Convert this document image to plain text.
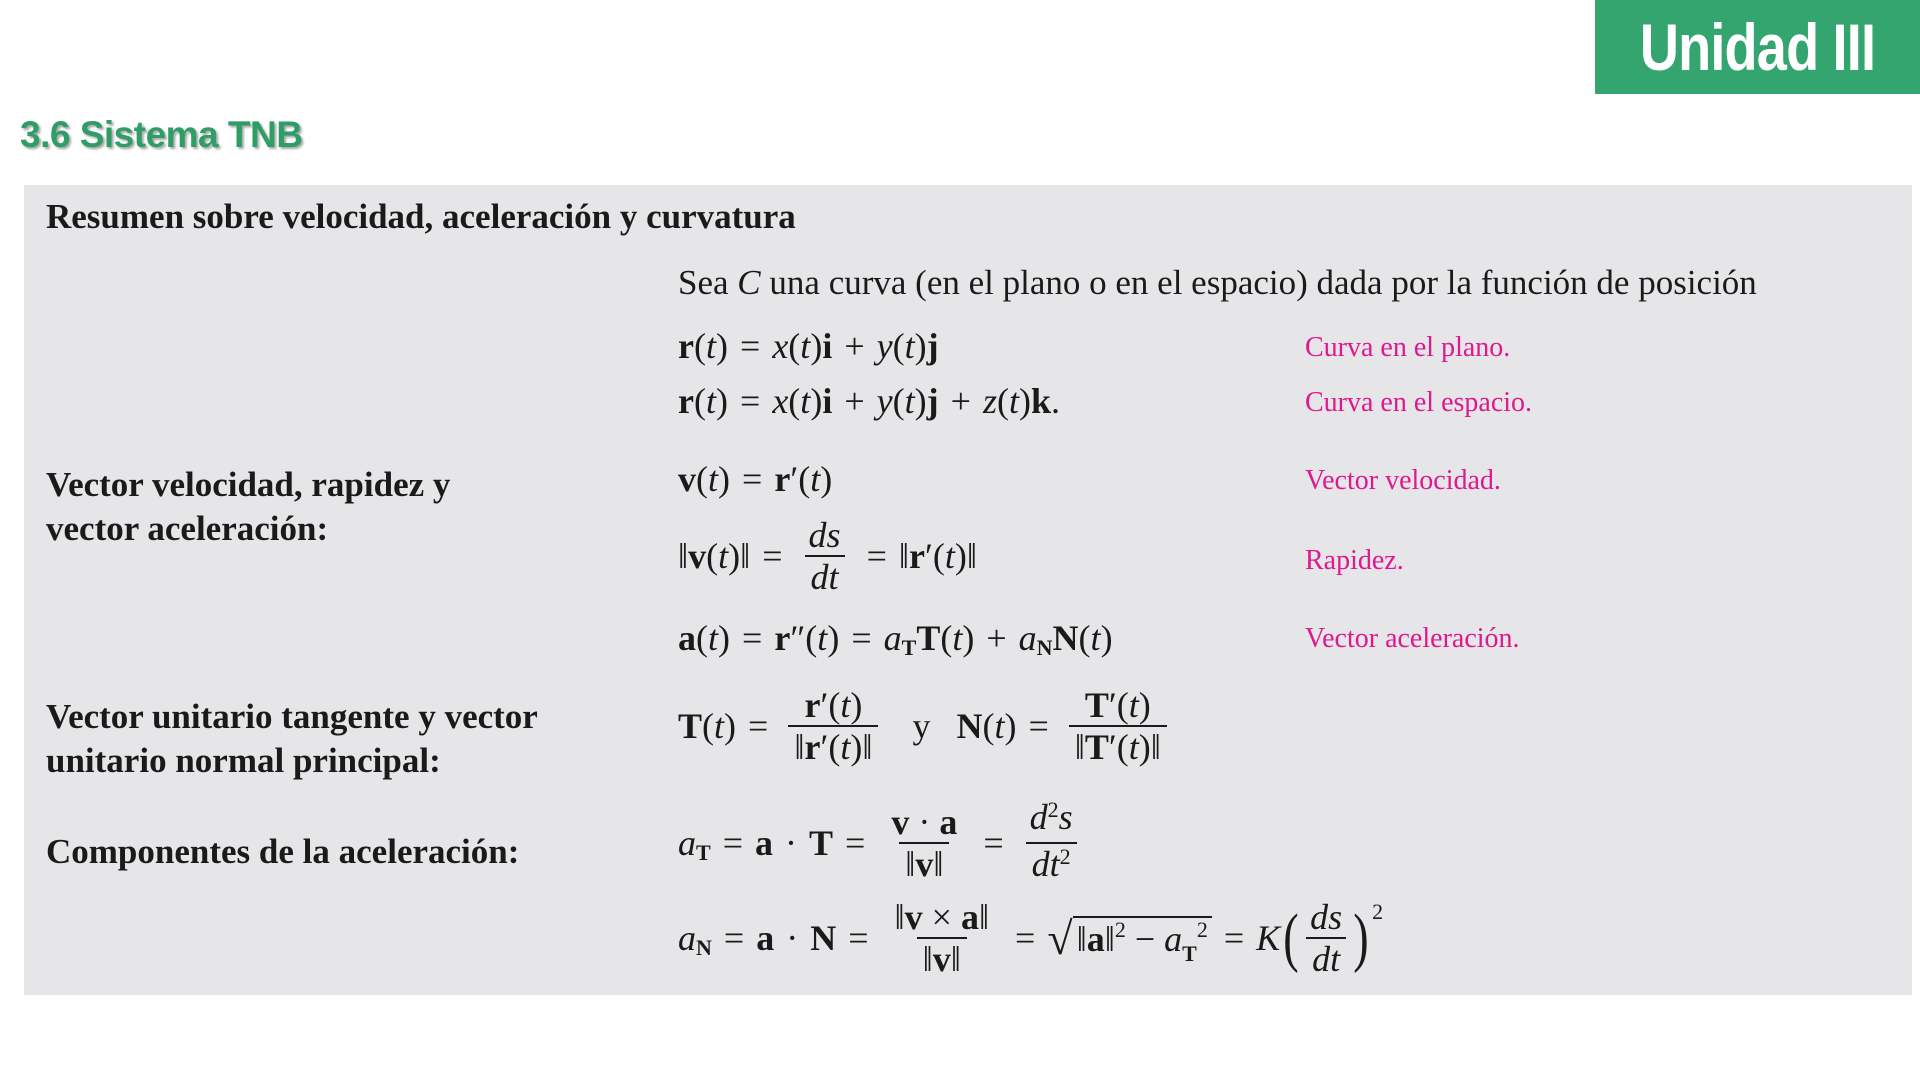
Unidad III
3.6 Sistema TNB
Resumen sobre velocidad, aceleración y curvatura
Sea C una curva (en el plano o en el espacio) dada por la función de posición
r ( t ) = x ( t ) i + y ( t ) j	Curva en el plano.
r ( t ) = x ( t ) i + y ( t ) j + z ( t ) k .	Curva en el espacio.
Vector velocidad, rapidez y
vector aceleración:
v ( t ) = r ′( t )	Vector velocidad.
‖ v ( t )‖ = $\frac{ds}{dt}$ = ‖ r ′( t )‖	Rapidez.
a ( t ) = r ″( t ) = a T T ( t ) + a N N ( t )	Vector aceleración.
Vector unitario tangente y vector
unitario normal principal:
T ( t ) = $\frac{r'(t)}{‖r'(t)‖}$ y N ( t ) = $\frac{T'(t)}{‖T'(t)‖}$
Componentes de la aceleración:	a $T = a \cdot T = \frac{v \cdot a}{‖v‖} = \frac{d^2s}{dt^2}$
a $N = a \cdot N = \frac{‖v \times a‖}{‖v‖}$ = √ ‖a‖$^2$ − $a_T^2 = K$ ( $\frac{ds}{dt}$ ) 2
